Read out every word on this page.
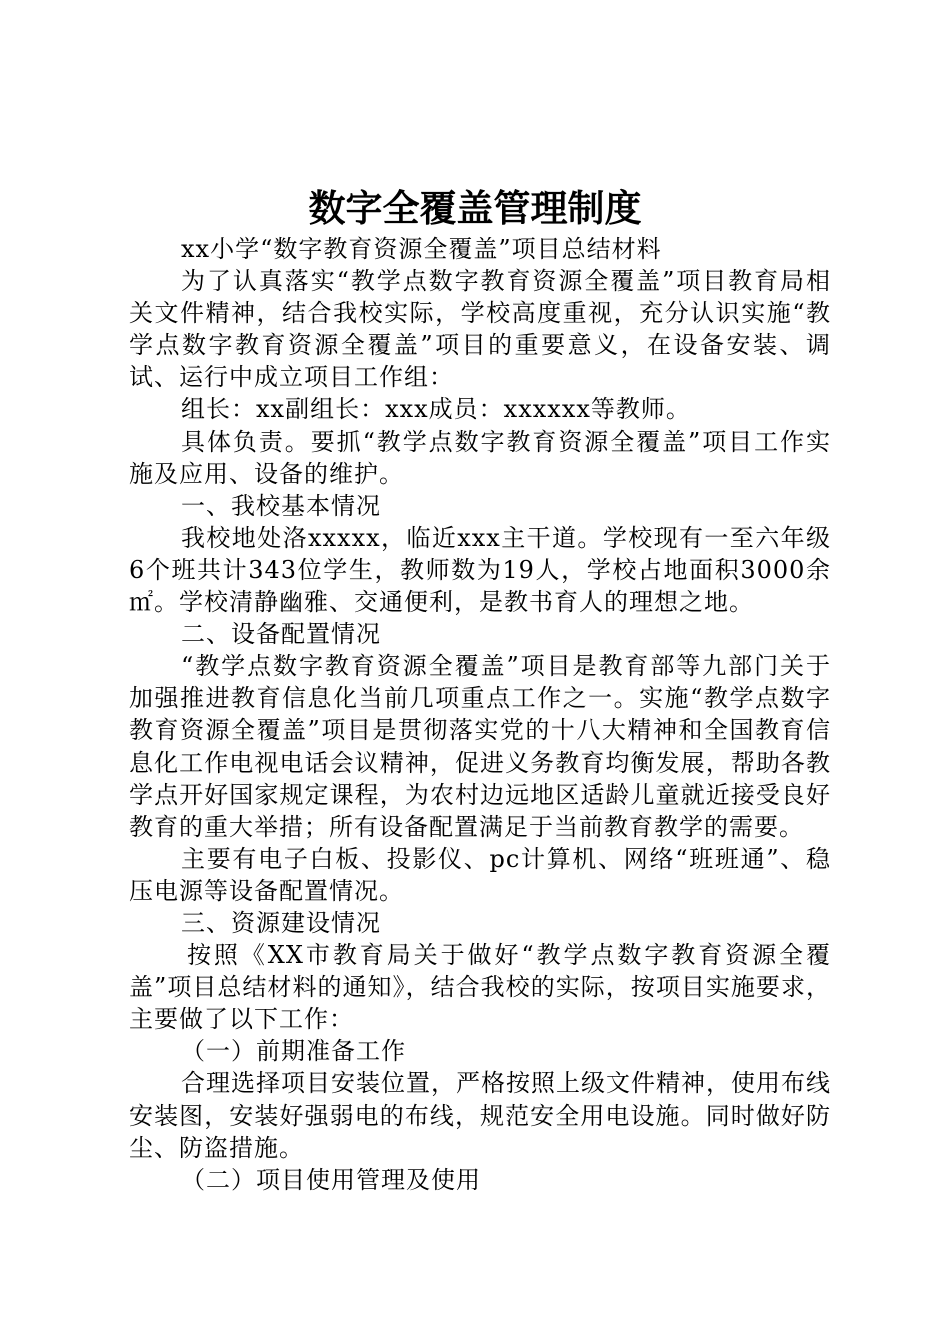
数字全覆盖管理制度

xx小学“数字教育资源全覆盖”项目总结材料

为了认真落实“教学点数字教育资源全覆盖”项目教育局相关文件精神，结合我校实际，学校高度重视，充分认识实施“教学点数字教育资源全覆盖”项目的重要意义，在设备安装、调试、运行中成立项目工作组：

组长：xx副组长：xxx成员：xxxxxx等教师。

具体负责。要抓“教学点数字教育资源全覆盖”项目工作实施及应用、设备的维护。

一、我校基本情况

我校地处洛xxxxx，临近xxx主干道。学校现有一至六年级6个班共计343位学生，教师数为19人，学校占地面积3000余㎡。学校清静幽雅、交通便利，是教书育人的理想之地。

二、设备配置情况

“教学点数字教育资源全覆盖”项目是教育部等九部门关于加强推进教育信息化当前几项重点工作之一。实施“教学点数字教育资源全覆盖”项目是贯彻落实党的十八大精神和全国教育信息化工作电视电话会议精神，促进义务教育均衡发展，帮助各教学点开好国家规定课程，为农村边远地区适龄儿童就近接受良好教育的重大举措；所有设备配置满足于当前教育教学的需要。

主要有电子白板、投影仪、pc计算机、网络“班班通”、稳压电源等设备配置情况。

三、资源建设情况

按照《XX市教育局关于做好“教学点数字教育资源全覆盖”项目总结材料的通知》，结合我校的实际，按项目实施要求，主要做了以下工作：

（一）前期准备工作

合理选择项目安装位置，严格按照上级文件精神，使用布线安装图，安装好强弱电的布线，规范安全用电设施。同时做好防尘、防盗措施。

（二）项目使用管理及使用
